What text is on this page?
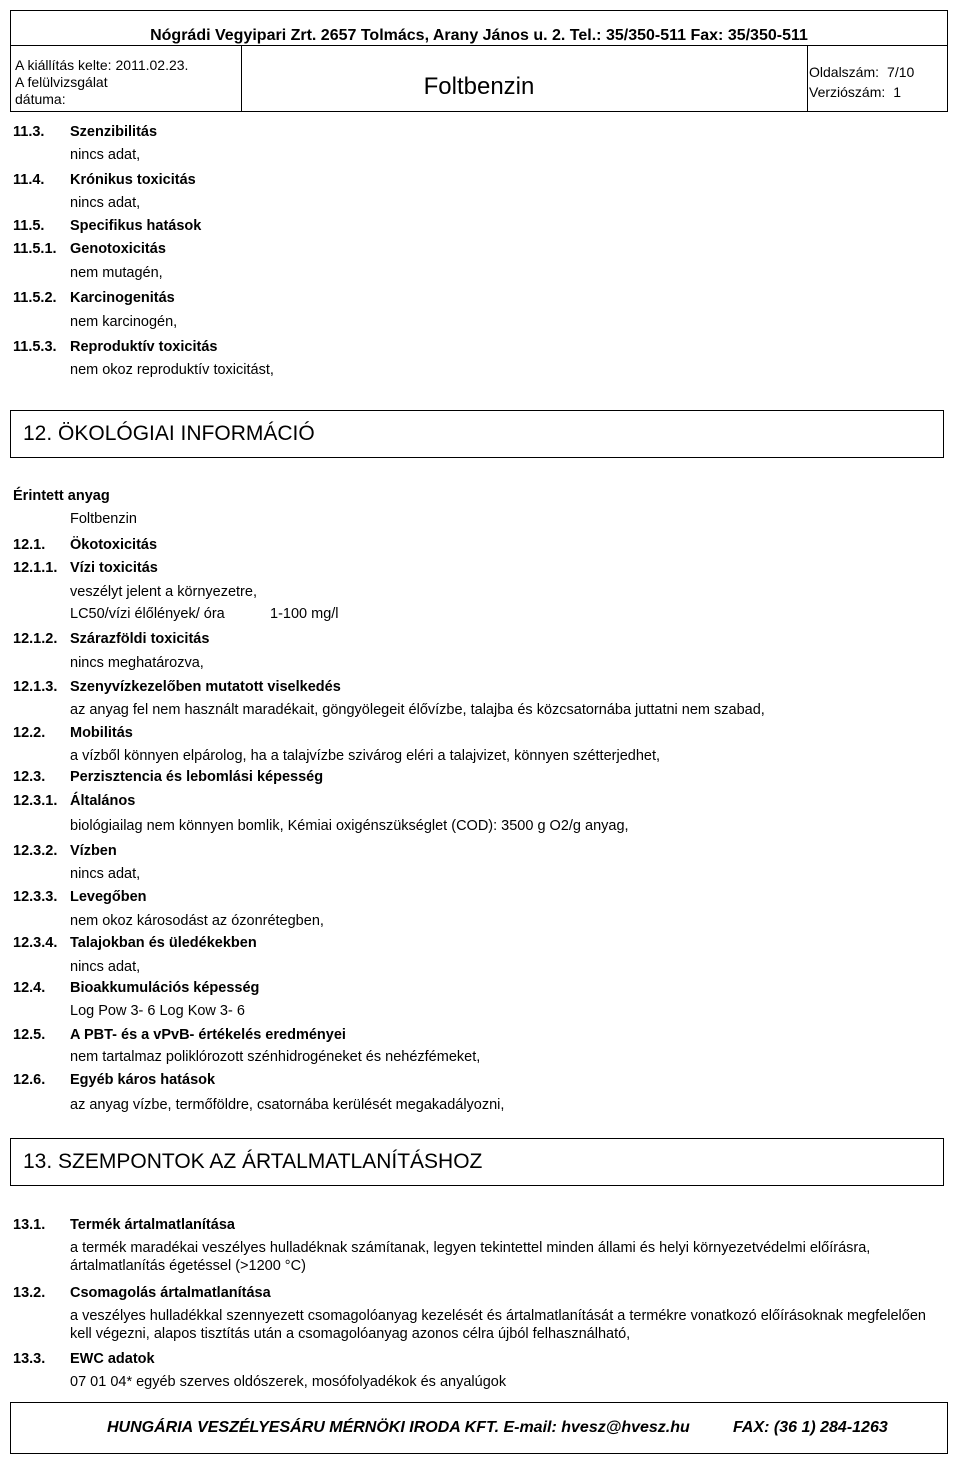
Nógrádi Vegyipari Zrt. 2657 Tolmács, Arany János u. 2. Tel.: 35/350-511 Fax: 35/350-511
A kiállítás kelte: 2011.02.23.
A felülvizsgálat
dátuma:	Foltbenzin
Oldalszám: 7/10
Verziószám: 1
11.3. Szenzibilitás
nincs adat,
11.4. Krónikus toxicitás
nincs adat,
11.5. Specifikus hatások
11.5.1. Genotoxicitás
nem mutagén,
11.5.2. Karcinogenitás
nem karcinogén,
11.5.3. Reproduktív toxicitás
nem okoz reproduktív toxicitást,
12. ÖKOLÓGIAI INFORMÁCIÓ
Érintett anyag
Foltbenzin
12.1. Ökotoxicitás
12.1.1. Vízi toxicitás
veszélyt jelent a környezetre,
LC50/vízi élőlények/ óra	1-100 mg/l
12.1.2. Szárazföldi toxicitás
nincs meghatározva,
12.1.3. Szenyvízkezelőben mutatott viselkedés
az anyag fel nem használt maradékait, göngyölegeit élővízbe, talajba és közcsatornába juttatni nem szabad,
12.2. Mobilitás
a vízből könnyen elpárolog, ha a talajvízbe szivárog eléri a talajvizet, könnyen szétterjedhet,
12.3. Perzisztencia és lebomlási képesség
12.3.1. Általános
biológiailag nem könnyen bomlik, Kémiai oxigénszükséglet (COD): 3500 g O2/g anyag,
12.3.2. Vízben
nincs adat,
12.3.3. Levegőben
nem okoz károsodást az ózonrétegben,
12.3.4. Talajokban és üledékekben
nincs adat,
12.4. Bioakkumulációs képesség
Log Pow 3- 6 Log Kow 3- 6
12.5. A PBT- és a vPvB- értékelés eredményei
nem tartalmaz poliklórozott szénhidrogéneket és nehézfémeket,
12.6. Egyéb káros hatások
az anyag vízbe, termőföldre, csatornába kerülését megakadályozni,
13. SZEMPONTOK AZ ÁRTALMATLANÍTÁSHOZ
13.1. Termék ártalmatlanítása
a termék maradékai veszélyes hulladéknak számítanak, legyen tekintettel minden állami és helyi környezetvédelmi előírásra, ártalmatlanítás égetéssel (>1200 °C)
13.2. Csomagolás ártalmatlanítása
a veszélyes hulladékkal szennyezett csomagolóanyag kezelését és ártalmatlanítását a termékre vonatkozó előírásoknak megfelelően kell végezni, alapos tisztítás után a csomagolóanyag azonos célra újból felhasználható,
13.3. EWC adatok
07 01 04* egyéb szerves oldószerek, mosófolyadékok és anyalúgok
HUNGÁRIA VESZÉLYESÁRU MÉRNÖKI IRODA KFT. E-mail: hvesz@hvesz.hu	FAX: (36 1) 284-1263
